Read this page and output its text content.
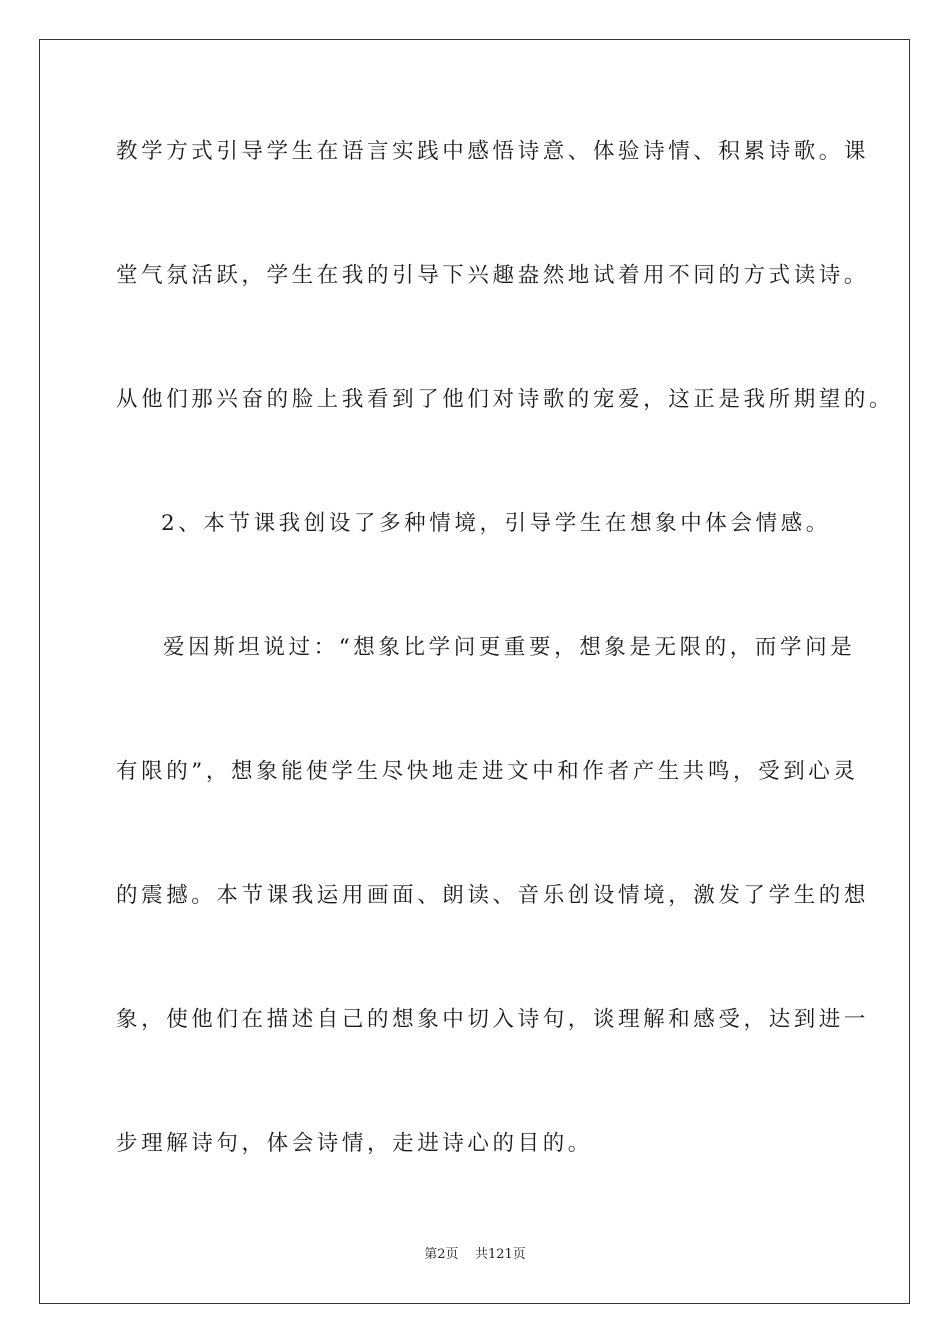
教学方式引导学生在语言实践中感悟诗意、体验诗情、积累诗歌。课
堂气氛活跃，学生在我的引导下兴趣盎然地试着用不同的方式读诗。
从他们那兴奋的脸上我看到了他们对诗歌的宠爱，这正是我所期望的。
2、本节课我创设了多种情境，引导学生在想象中体会情感。
爱因斯坦说过：“想象比学问更重要，想象是无限的，而学问是
有限的”，想象能使学生尽快地走进文中和作者产生共鸣，受到心灵
的震撼。本节课我运用画面、朗读、音乐创设情境，激发了学生的想
象，使他们在描述自己的想象中切入诗句，谈理解和感受，达到进一
步理解诗句，体会诗情，走进诗心的目的。
第2页    共121页
